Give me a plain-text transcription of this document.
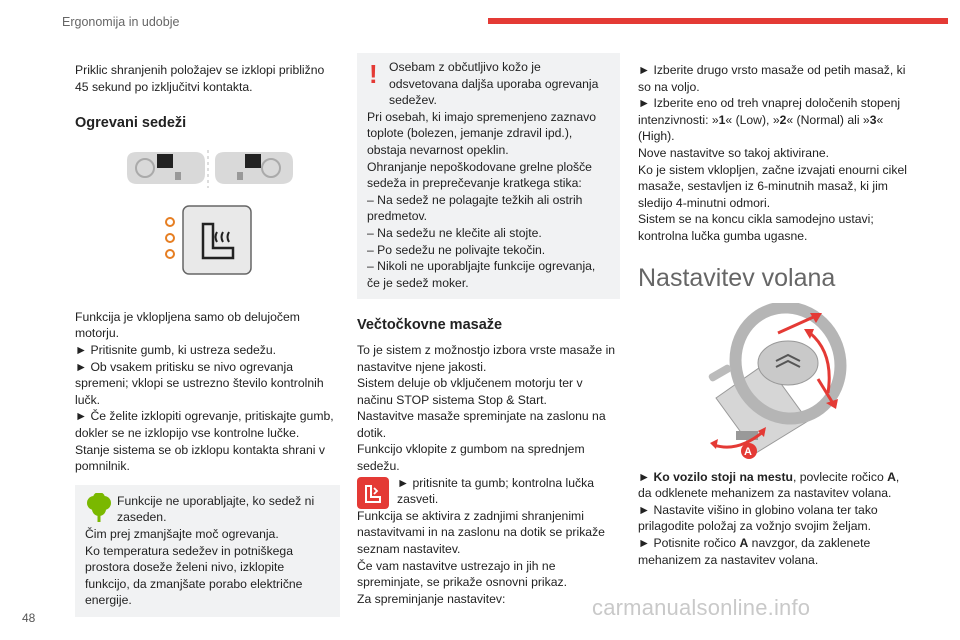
Ergonomija in udobje
48	carmanualsonline.info

Priklic shranjenih položajev se izklopi približno 45 sekund po izključitvi kontakta.

Ogrevani sedeži

Funkcija je vklopljena samo ob delujočem motorju.

► Pritisnite gumb, ki ustreza sedežu.

► Ob vsakem pritisku se nivo ogrevanja spremeni; vklopi se ustrezno število kontrolnih lučk.

► Če želite izklopiti ogrevanje, pritiskajte gumb, dokler se ne izklopijo vse kontrolne lučke.

Stanje sistema se ob izklopu kontakta shrani v pomnilnik.

Funkcije ne uporabljajte, ko sedež ni zaseden.

Čim prej zmanjšajte moč ogrevanja.

Ko temperatura sedežev in potniškega prostora doseže želeni nivo, izklopite funkcijo, da zmanjšate porabo električne energije.

! Osebam z občutljivo kožo je odsvetovana daljša uporaba ogrevanja sedežev.

Pri osebah, ki imajo spremenjeno zaznavo toplote (bolezen, jemanje zdravil ipd.), obstaja nevarnost opeklin.

Ohranjanje nepoškodovane grelne plošče sedeža in preprečevanje kratkega stika:

– Na sedež ne polagajte težkih ali ostrih predmetov.

– Na sedežu ne klečite ali stojte.

– Po sedežu ne polivajte tekočin.

– Nikoli ne uporabljajte funkcije ogrevanja, če je sedež moker.

Večtočkovne masaže

To je sistem z možnostjo izbora vrste masaže in nastavitve njene jakosti.

Sistem deluje ob vključenem motorju ter v načinu STOP sistema Stop & Start.

Nastavitve masaže spreminjate na zaslonu na dotik.

Funkcijo vklopite z gumbom na sprednjem sedežu.

► pritisnite ta gumb; kontrolna lučka zasveti.

Funkcija se aktivira z zadnjimi shranjenimi nastavitvami in na zaslonu na dotik se prikaže seznam nastavitev.

Če vam nastavitve ustrezajo in jih ne spreminjate, se prikaže osnovni prikaz.

Za spreminjanje nastavitev:

► Izberite drugo vrsto masaže od petih masaž, ki so na voljo.

► Izberite eno od treh vnaprej določenih stopenj intenzivnosti: »1« (Low), »2« (Normal) ali »3« (High).

Nove nastavitve so takoj aktivirane.

Ko je sistem vklopljen, začne izvajati enourni cikel masaže, sestavljen iz 6-minutnih masaž, ki jim sledijo 4-minutni odmori.

Sistem se na koncu cikla samodejno ustavi; kontrolna lučka gumba ugasne.

Nastavitev volana

A

► Ko vozilo stoji na mestu, povlecite ročico A, da odklenete mehanizem za nastavitev volana.

► Nastavite višino in globino volana ter tako prilagodite položaj za vožnjo svojim željam.

► Potisnite ročico A navzgor, da zaklenete mehanizem za nastavitev volana.
